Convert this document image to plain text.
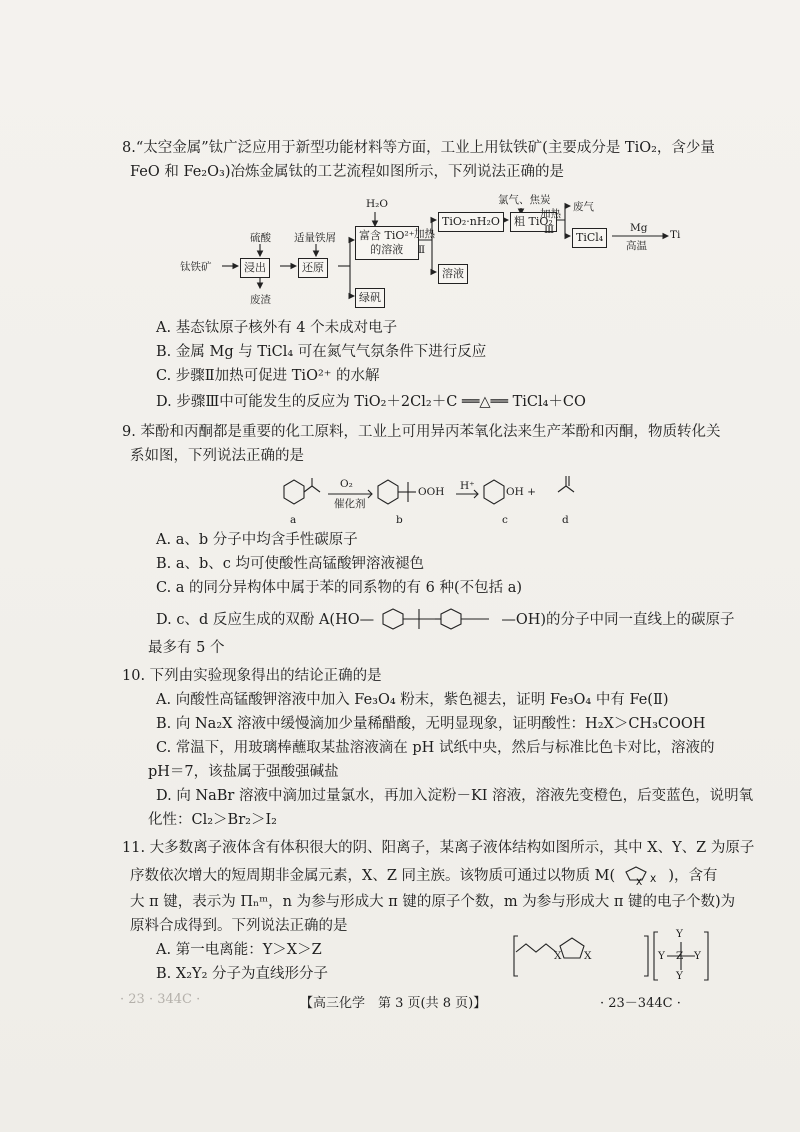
8.“太空金属”钛广泛应用于新型功能材料等方面，工业上用钛铁矿(主要成分是 TiO₂，含少量
FeO 和 Fe₂O₃)冶炼金属钛的工艺流程如图所示，下列说法正确的是
钛铁矿
硫酸
浸出
废渣
适量铁屑
还原
H₂O
富含 TiO²⁺
的溶液
加热
Ⅱ
TiO₂·nH₂O
氯气、焦炭
粗 TiO₂
加热
Ⅲ
废气
TiCl₄
Mg
高温
Ti
溶液
绿矾
A. 基态钛原子核外有 4 个未成对电子
B. 金属 Mg 与 TiCl₄ 可在氮气气氛条件下进行反应
C. 步骤Ⅱ加热可促进 TiO²⁺ 的水解
D. 步骤Ⅲ中可能发生的反应为 TiO₂＋2Cl₂＋C ══△══ TiCl₄＋CO
9. 苯酚和丙酮都是重要的化工原料，工业上可用异丙苯氧化法来生产苯酚和丙酮，物质转化关
系如图，下列说法正确的是
O₂
催化剂
OOH H⁺	OH +
a	b	c	d
A. a、b 分子中均含手性碳原子
B. a、b、c 均可使酸性高锰酸钾溶液褪色
C. a 的同分异构体中属于苯的同系物的有 6 种(不包括 a)
D. c、d 反应生成的双酚 A(HO—	—OH)的分子中同一直线上的碳原子
最多有 5 个
10. 下列由实验现象得出的结论正确的是
A. 向酸性高锰酸钾溶液中加入 Fe₃O₄ 粉末，紫色褪去，证明 Fe₃O₄ 中有 Fe(Ⅱ)
B. 向 Na₂X 溶液中缓慢滴加少量稀醋酸，无明显现象，证明酸性：H₂X＞CH₃COOH
C. 常温下，用玻璃棒蘸取某盐溶液滴在 pH 试纸中央，然后与标准比色卡对比，溶液的
pH＝7，该盐属于强酸强碱盐
D. 向 NaBr 溶液中滴加过量氯水，再加入淀粉－KI 溶液，溶液先变橙色，后变蓝色，说明氧
化性：Cl₂＞Br₂＞I₂
11. 大多数离子液体含有体积很大的阴、阳离子，某离子液体结构如图所示，其中 X、Y、Z 为原子
序数依次增大的短周期非金属元素，X、Z 同主族。该物质可通过以物质 M( X X )，含有
大 π 键，表示为 Πₙᵐ，n 为参与形成大 π 键的原子个数，m 为参与形成大 π 键的电子个数)为
原料合成得到。下列说法正确的是
A. 第一电离能：Y＞X＞Z
B. X₂Y₂ 分子为直线形分子
X X	Z
Y
Y
Y	Y
· 23 · 344C ·	【高三化学　第 3 页(共 8 页)】	· 23－344C ·
